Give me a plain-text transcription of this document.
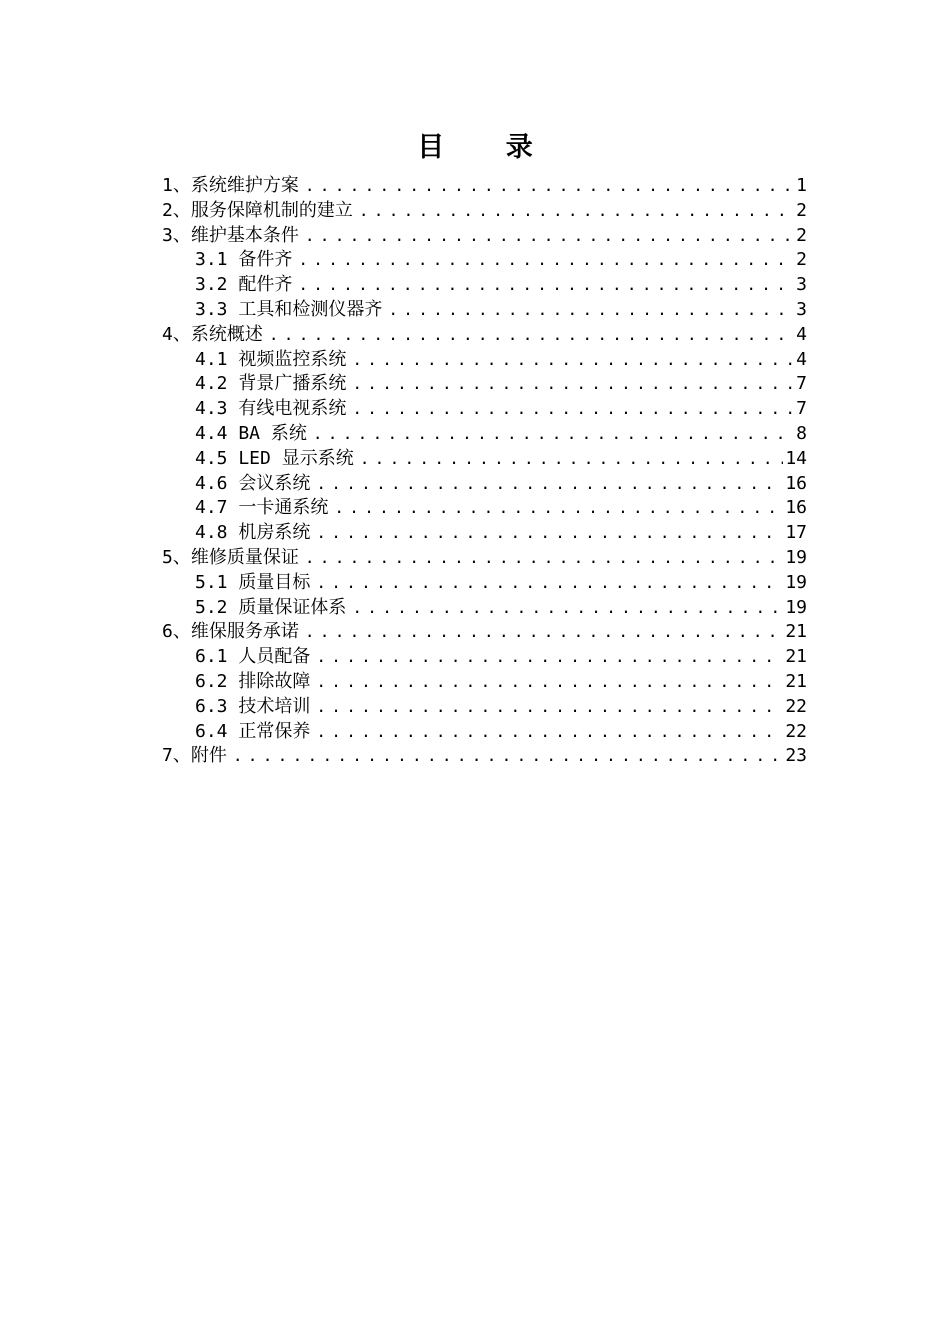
目 录
1、系统维护方案 .....	1
2、服务保障机制的建立 .....	2
3、维护基本条件 .....	2
3.1 备件齐 .....	2
3.2 配件齐 .....	3
3.3 工具和检测仪器齐 .....	3
4、系统概述 .....	4
4.1 视频监控系统 .....	4
4.2 背景广播系统 .....	7
4.3 有线电视系统 .....	7
4.4 BA 系统 .....	8
4.5 LED 显示系统 .....	14
4.6 会议系统 .....	16
4.7 一卡通系统 .....	16
4.8 机房系统 .....	17
5、维修质量保证 .....	19
5.1 质量目标 .....	19
5.2 质量保证体系 .....	19
6、维保服务承诺 .....	21
6.1 人员配备 .....	21
6.2 排除故障 .....	21
6.3 技术培训 .....	22
6.4 正常保养 .....	22
7、附件 .....	23
